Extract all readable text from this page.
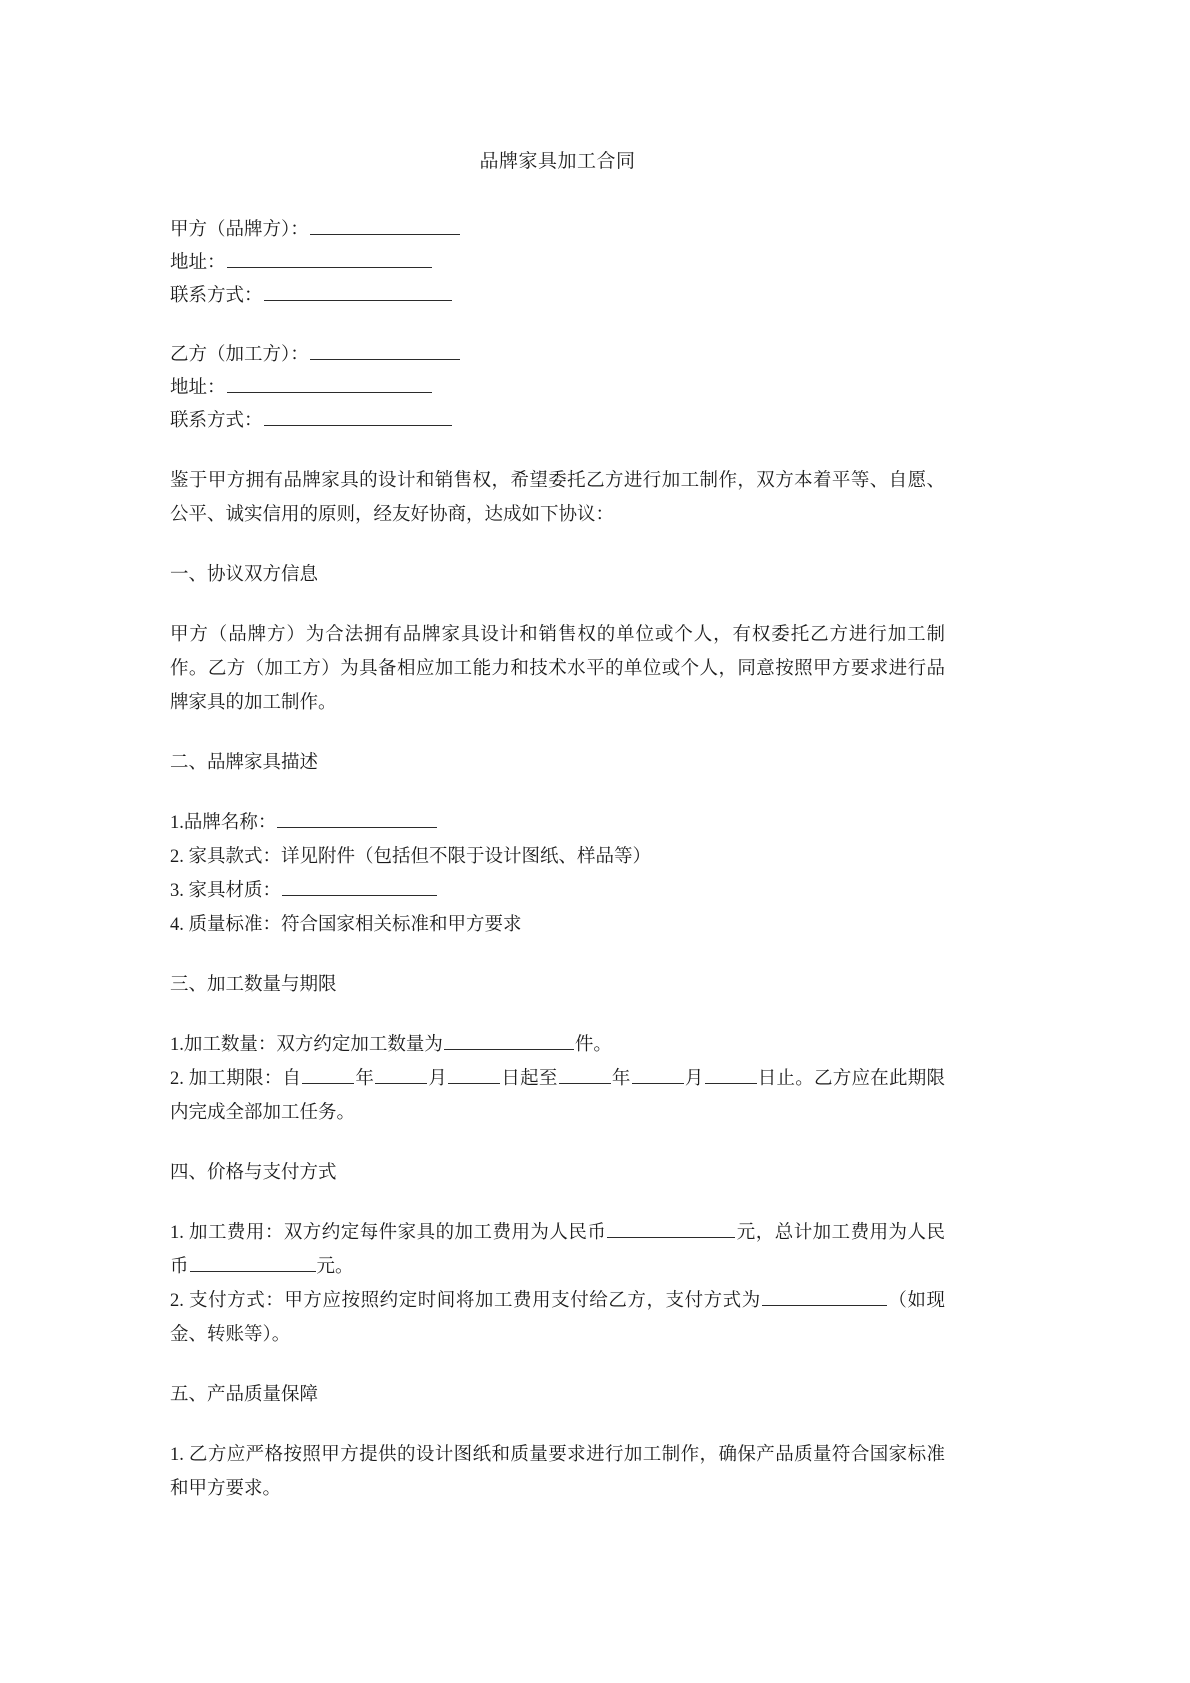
品牌家具加工合同
甲方（品牌方）：
地址：
联系方式：
乙方（加工方）：
地址：
联系方式：

鉴于甲方拥有品牌家具的设计和销售权，希望委托乙方进行加工制作，双方本着平等、自愿、公平、诚实信用的原则，经友好协商，达成如下协议：

一、协议双方信息

甲方（品牌方）为合法拥有品牌家具设计和销售权的单位或个人，有权委托乙方进行加工制作。乙方（加工方）为具备相应加工能力和技术水平的单位或个人，同意按照甲方要求进行品牌家具的加工制作。

二、品牌家具描述
1.品牌名称：
2. 家具款式：详见附件（包括但不限于设计图纸、样品等）
3. 家具材质：
4. 质量标准：符合国家相关标准和甲方要求
三、加工数量与期限
1.加工数量：双方约定加工数量为	件。
2. 加工期限：自	年	月	日起至	年	月	日止。乙方应在此期限内完成全部加工任务。
四、价格与支付方式
1. 加工费用：双方约定每件家具的加工费用为人民币	元，总计加工费用为人民币	元。
2. 支付方式：甲方应按照约定时间将加工费用支付给乙方，支付方式为	（如现金、转账等）。
五、产品质量保障
1. 乙方应严格按照甲方提供的设计图纸和质量要求进行加工制作，确保产品质量符合国家标准和甲方要求。
